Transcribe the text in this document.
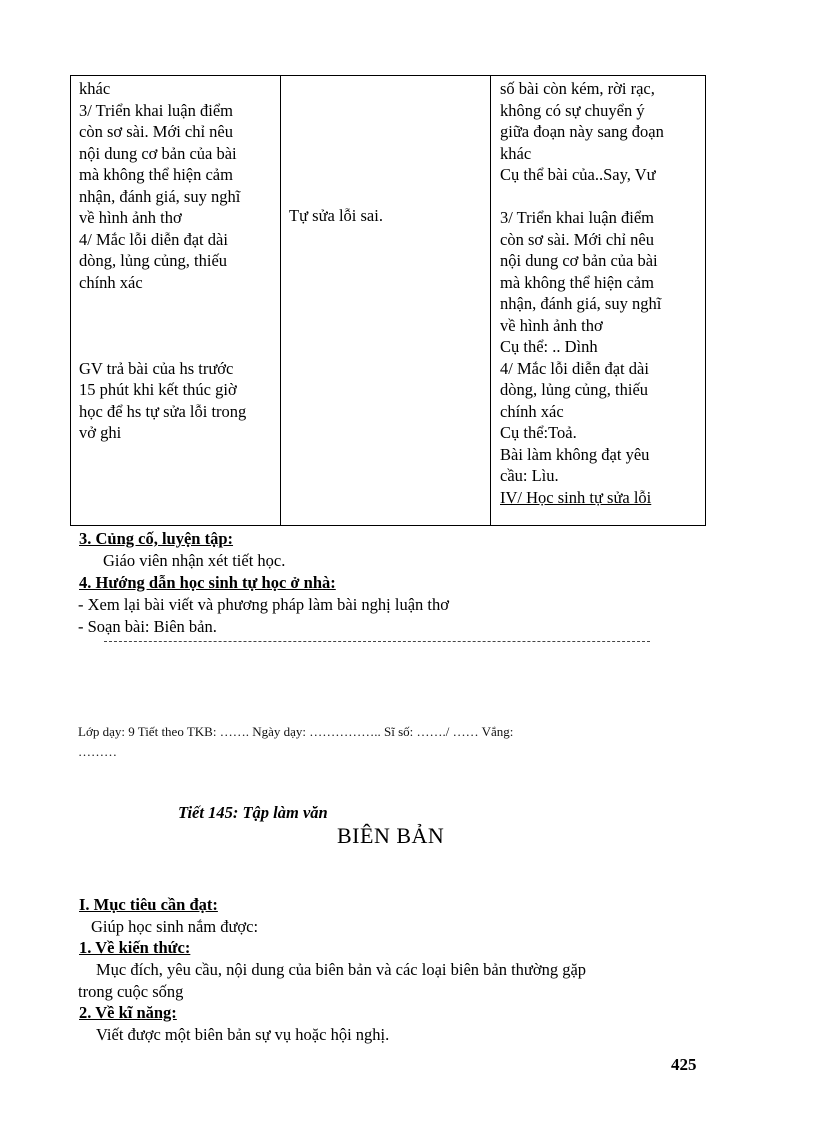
khác
3/ Triển khai luận điểm
còn sơ sài. Mới chỉ nêu
nội dung cơ bản của bài
mà không thể hiện cảm
nhận, đánh giá, suy nghĩ
về hình ảnh thơ
4/ Mắc lỗi diễn đạt dài
dòng, lủng củng, thiếu
chính xác
GV trả bài của hs trước
15 phút khi kết thúc giờ
học để hs tự sửa lỗi trong
vở ghi
Tự sửa lỗi sai.
số bài còn kém, rời rạc,
không có sự chuyển ý
giữa đoạn này sang đoạn
khác
Cụ thể bài của..Say, Vư
3/ Triển khai luận điểm
còn sơ sài. Mới chỉ nêu
nội dung cơ bản của bài
mà không thể hiện cảm
nhận, đánh giá, suy nghĩ
về hình ảnh thơ
Cụ thể: .. Dình
4/ Mắc lỗi diễn đạt dài
dòng, lủng củng, thiếu
chính xác
Cụ thể:Toả.
Bài làm không đạt yêu
cầu: Lìu.
IV/ Học sinh tự sửa lỗi
3. Củng cố, luyện tập:
Giáo viên nhận xét tiết học.
4. Hướng dẫn học sinh tự học ở nhà:
- Xem lại bài viết và phương pháp làm bài nghị luận thơ
- Soạn bài: Biên bản.
Lớp dạy: 9 Tiết theo TKB: ……. Ngày dạy: …………….. Sĩ số: ……./ …… Vắng:
………
Tiết 145: Tập làm văn
BIÊN BẢN
I. Mục tiêu cần đạt:
Giúp học sinh nắm được:
1. Về kiến thức:
Mục đích, yêu cầu, nội dung của biên bản và các loại biên bản thường gặp
trong cuộc sống
2. Về kĩ năng:
Viết được một biên bản sự vụ hoặc hội nghị.
425
